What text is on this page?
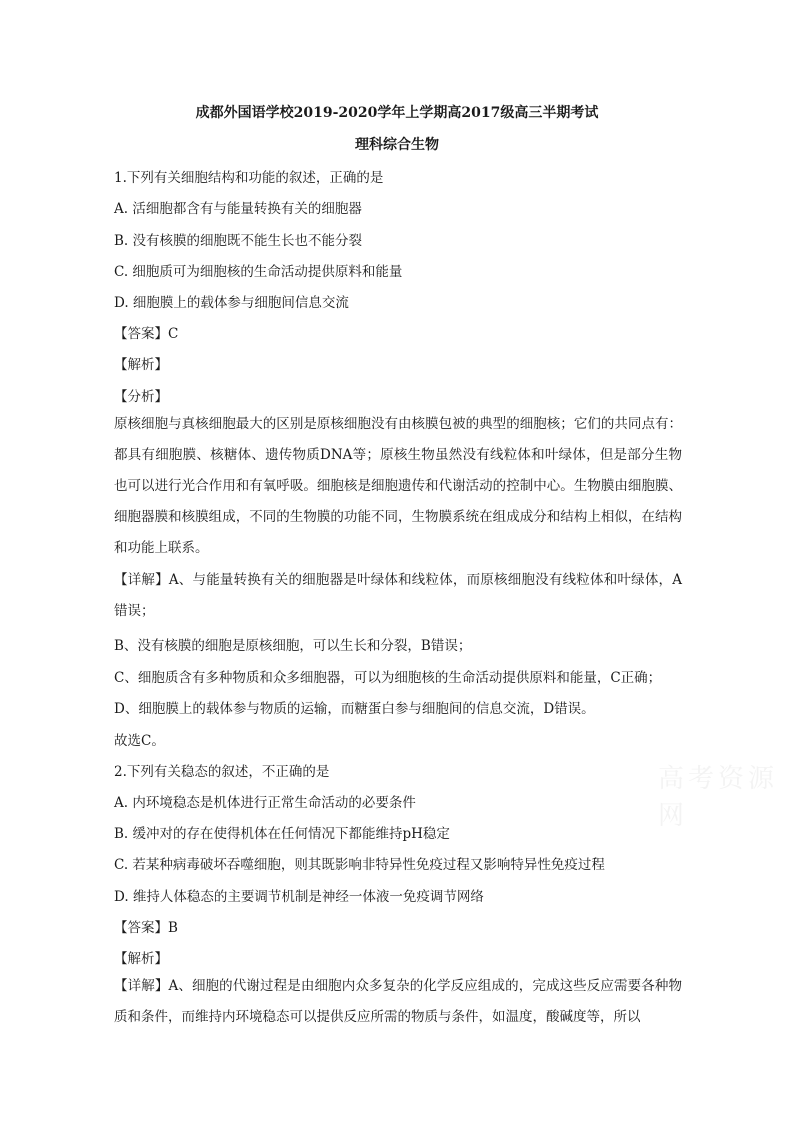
成都外国语学校2019-2020学年上学期高2017级高三半期考试
理科综合生物
1.下列有关细胞结构和功能的叙述，正确的是
A. 活细胞都含有与能量转换有关的细胞器
B. 没有核膜的细胞既不能生长也不能分裂
C. 细胞质可为细胞核的生命活动提供原料和能量
D. 细胞膜上的载体参与细胞间信息交流
【答案】C
【解析】
【分析】
原核细胞与真核细胞最大的区别是原核细胞没有由核膜包被的典型的细胞核；它们的共同点有：都具有细胞膜、核糖体、遗传物质DNA等；原核生物虽然没有线粒体和叶绿体，但是部分生物也可以进行光合作用和有氧呼吸。细胞核是细胞遗传和代谢活动的控制中心。生物膜由细胞膜、细胞器膜和核膜组成，不同的生物膜的功能不同，生物膜系统在组成成分和结构上相似，在结构和功能上联系。
【详解】A、与能量转换有关的细胞器是叶绿体和线粒体，而原核细胞没有线粒体和叶绿体，A错误；
B、没有核膜的细胞是原核细胞，可以生长和分裂，B错误；
C、细胞质含有多种物质和众多细胞器，可以为细胞核的生命活动提供原料和能量，C正确；
D、细胞膜上的载体参与物质的运输，而糖蛋白参与细胞间的信息交流，D错误。
故选C。
2.下列有关稳态的叙述，不正确的是
A. 内环境稳态是机体进行正常生命活动的必要条件
B. 缓冲对的存在使得机体在任何情况下都能维持pH稳定
C. 若某种病毒破坏吞噬细胞，则其既影响非特异性免疫过程又影响特异性免疫过程
D. 维持人体稳态的主要调节机制是神经一体液一免疫调节网络
【答案】B
【解析】
【详解】A、细胞的代谢过程是由细胞内众多复杂的化学反应组成的，完成这些反应需要各种物质和条件，而维持内环境稳态可以提供反应所需的物质与条件，如温度，酸碱度等，所以
高考资源网
